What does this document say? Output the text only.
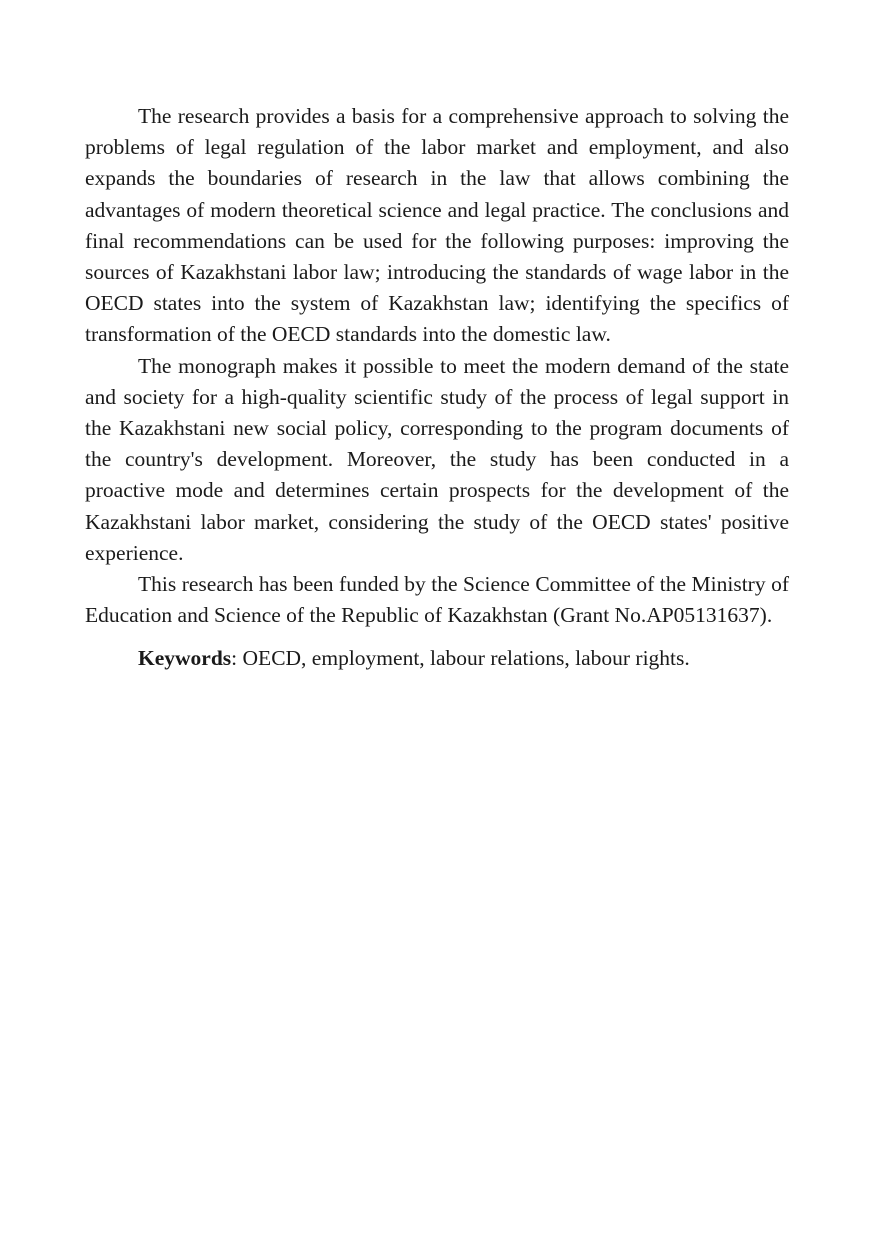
The research provides a basis for a comprehensive approach to solving the problems of legal regulation of the labor market and employment, and also expands the boundaries of research in the law that allows combining the advantages of modern theoretical science and legal practice. The conclusions and final recommendations can be used for the following purposes: improving the sources of Kazakhstani labor law; introducing the standards of wage labor in the OECD states into the system of Kazakhstan law; identifying the specifics of transformation of the OECD standards into the domestic law.

The monograph makes it possible to meet the modern demand of the state and society for a high-quality scientific study of the process of legal support in the Kazakhstani new social policy, corresponding to the program documents of the country's development. Moreover, the study has been conducted in a proactive mode and determines certain prospects for the development of the Kazakhstani labor market, considering the study of the OECD states' positive experience.

This research has been funded by the Science Committee of the Ministry of Education and Science of the Republic of Kazakhstan (Grant No.AP05131637).

Keywords: OECD, employment, labour relations, labour rights.
